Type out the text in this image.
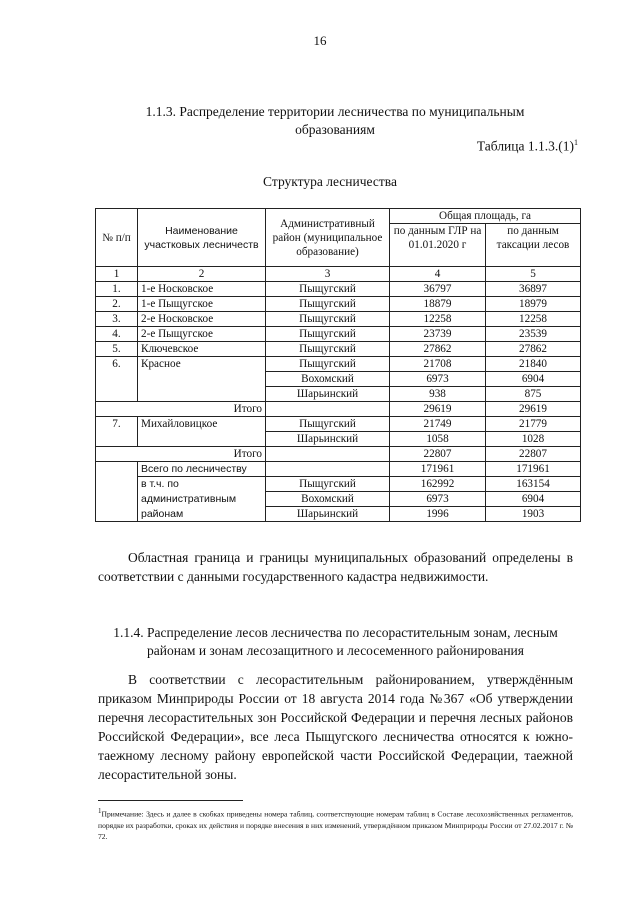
16
1.1.3. Распределение территории лесничества по муниципальным образованиям
Таблица $1.1.3.(1)^1$
Структура лесничества
№ п/п	Наименование участковых лесничеств	Административный район (муниципальное образование)	Общая площадь, га	
			по данным ГЛР на 01.01.2020 г	по данным таксации лесов
1	2	3	4	5
1.	1-е Носковское	Пыщугский	36797	36897
2.	1-е Пыщугское	Пыщугский	18879	18979
3.	2-е Носковское	Пыщугский	12258	12258
4.	2-е Пыщугское	Пыщугский	23739	23539
5.	Ключевское	Пыщугский	27862	27862
6.	Красное	Пыщугский	21708	21840
		Вохомский	6973	6904
		Шарьинский	938	875
	Итого		29619	29619
7.	Михайловицкое	Пыщугский	21749	21779
		Шарьинский	1058	1028
	Итого		22807	22807
	Всего по лесничеству		171961	171961
	в т.ч. по	Пыщугский	162992	163154
	административным	Вохомский	6973	6904
	районам	Шарьинский	1996	1903
Областная граница и границы муниципальных образований определены в соответствии с данными государственного кадастра недвижимости.
1.1.4. Распределение лесов лесничества по лесорастительным зонам, лесным районам и зонам лесозащитного и лесосеменного районирования
В соответствии с лесорастительным районированием, утверждённым приказом Минприроды России от 18 августа 2014 года №367 «Об утверждении перечня лесорастительных зон Российской Федерации и перечня лесных районов Российской Федерации», все леса Пыщугского лесничества относятся к южно-таежному лесному району европейской части Российской Федерации, таежной лесорастительной зоны.
$^1$Примечание: Здесь и далее в скобках приведены номера таблиц, соответствующие номерам таблиц в Составе лесохозяйственных регламентов, порядке их разработки, сроках их действия и порядке внесения в них изменений, утверждённом приказом Минприроды России от 27.02.2017 г. № 72.
